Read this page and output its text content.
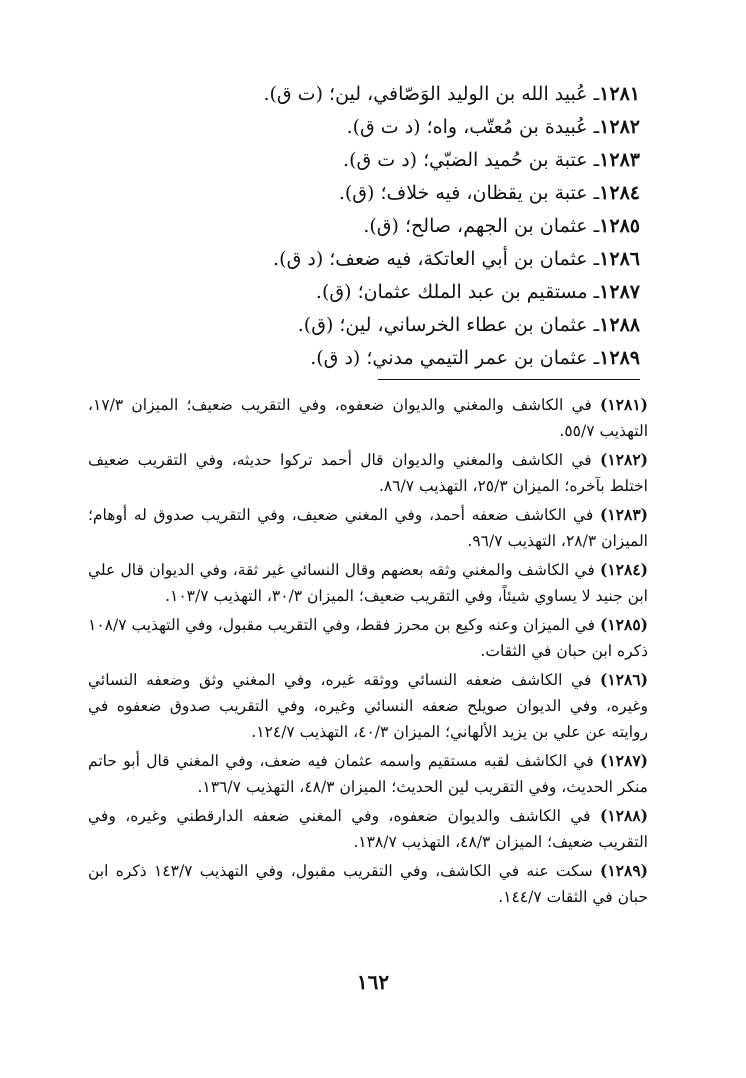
١٢٨١ـ عُبيد الله بن الوليد الوَصّافي، لين؛ (ت ق).
١٢٨٢ـ عُبيدة بن مُعتّب، واه؛ (د ت ق).
١٢٨٣ـ عتبة بن حُميد الضبّي؛ (د ت ق).
١٢٨٤ـ عتبة بن يقظان، فيه خلاف؛ (ق).
١٢٨٥ـ عثمان بن الجهم، صالح؛ (ق).
١٢٨٦ـ عثمان بن أبي العاتكة، فيه ضعف؛ (د ق).
١٢٨٧ـ مستقيم بن عبد الملك عثمان؛ (ق).
١٢٨٨ـ عثمان بن عطاء الخرساني، لين؛ (ق).
١٢٨٩ـ عثمان بن عمر التيمي مدني؛ (د ق).
(١٢٨١) في الكاشف والمغني والديوان ضعفوه، وفي التقريب ضعيف؛ الميزان ١٧/٣، التهذيب ٥٥/٧.
(١٢٨٢) في الكاشف والمغني والديوان قال أحمد تركوا حديثه، وفي التقريب ضعيف اختلط بآخره؛ الميزان ٢٥/٣، التهذيب ٨٦/٧.
(١٢٨٣) في الكاشف ضعفه أحمد، وفي المغني ضعيف، وفي التقريب صدوق له أوهام؛ الميزان ٢٨/٣، التهذيب ٩٦/٧.
(١٢٨٤) في الكاشف والمغني وثقه بعضهم وقال النسائي غير ثقة، وفي الديوان قال علي ابن جنيد لا يساوي شيئاً، وفي التقريب ضعيف؛ الميزان ٣٠/٣، التهذيب ١٠٣/٧.
(١٢٨٥) في الميزان وعنه وكيع بن محرز فقط، وفي التقريب مقبول، وفي التهذيب ١٠٨/٧ ذكره ابن حبان في الثقات.
(١٢٨٦) في الكاشف ضعفه النسائي ووثقه غيره، وفي المغني وثق وضعفه النسائي وغيره، وفي الديوان صويلح ضعفه النسائي وغيره، وفي التقريب صدوق ضعفوه في روايته عن علي بن يزيد الألهاني؛ الميزان ٤٠/٣، التهذيب ١٢٤/٧.
(١٢٨٧) في الكاشف لقبه مستقيم واسمه عثمان فيه ضعف، وفي المغني قال أبو حاتم منكر الحديث، وفي التقريب لين الحديث؛ الميزان ٤٨/٣، التهذيب ١٣٦/٧.
(١٢٨٨) في الكاشف والديوان ضعفوه، وفي المغني ضعفه الدارقطني وغيره، وفي التقريب ضعيف؛ الميزان ٤٨/٣، التهذيب ١٣٨/٧.
(١٢٨٩) سكت عنه في الكاشف، وفي التقريب مقبول، وفي التهذيب ١٤٣/٧ ذكره ابن حبان في الثقات ١٤٤/٧.
١٦٢
